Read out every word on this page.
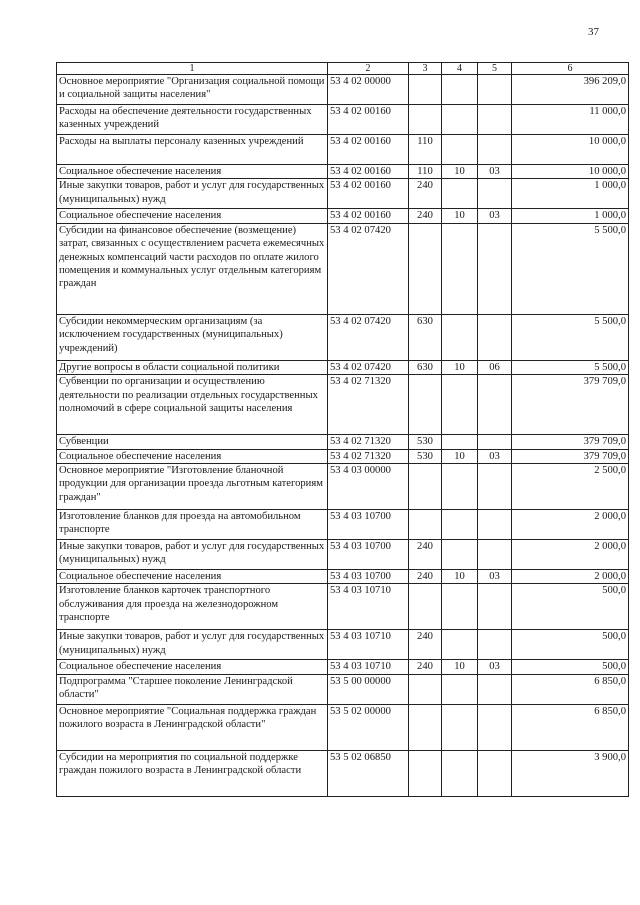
37
1	2	3	4	5	6
Основное мероприятие "Организация социальной помощи и социальной защиты населения"	53 4 02 00000				396 209,0
Расходы на обеспечение деятельности государственных казенных учреждений	53 4 02 00160				11 000,0
Расходы на выплаты персоналу казенных учреждений	53 4 02 00160	110			10 000,0
Социальное обеспечение населения	53 4 02 00160	110	10	03	10 000,0
Иные закупки товаров, работ и услуг для государственных (муниципальных) нужд	53 4 02 00160	240			1 000,0
Социальное обеспечение населения	53 4 02 00160	240	10	03	1 000,0
Субсидии на финансовое обеспечение (возмещение) затрат, связанных с осуществлением расчета ежемесячных денежных компенсаций части расходов по оплате жилого помещения и коммунальных услуг отдельным категориям граждан	53 4 02 07420				5 500,0
Субсидии некоммерческим организациям (за исключением государственных (муниципальных) учреждений)	53 4 02 07420	630			5 500,0
Другие вопросы в области социальной политики	53 4 02 07420	630	10	06	5 500,0
Субвенции по организации и осуществлению деятельности по реализации отдельных государственных полномочий в сфере социальной защиты населения	53 4 02 71320				379 709,0
Субвенции	53 4 02 71320	530			379 709,0
Социальное обеспечение населения	53 4 02 71320	530	10	03	379 709,0
Основное мероприятие "Изготовление бланочной продукции для организации проезда льготным категориям граждан"	53 4 03 00000				2 500,0
Изготовление бланков для проезда на автомобильном транспорте	53 4 03 10700				2 000,0
Иные закупки товаров, работ и услуг для государственных (муниципальных) нужд	53 4 03 10700	240			2 000,0
Социальное обеспечение населения	53 4 03 10700	240	10	03	2 000,0
Изготовление бланков карточек транспортного обслуживания для проезда на железнодорожном транспорте	53 4 03 10710				500,0
Иные закупки товаров, работ и услуг для государственных (муниципальных) нужд	53 4 03 10710	240			500,0
Социальное обеспечение населения	53 4 03 10710	240	10	03	500,0
Подпрограмма "Старшее поколение Ленинградской области"	53 5 00 00000				6 850,0
Основное мероприятие "Социальная поддержка граждан пожилого возраста в Ленинградской области"	53 5 02 00000				6 850,0
Субсидии на мероприятия по социальной поддержке граждан пожилого возраста в Ленинградской области	53 5 02 06850				3 900,0
